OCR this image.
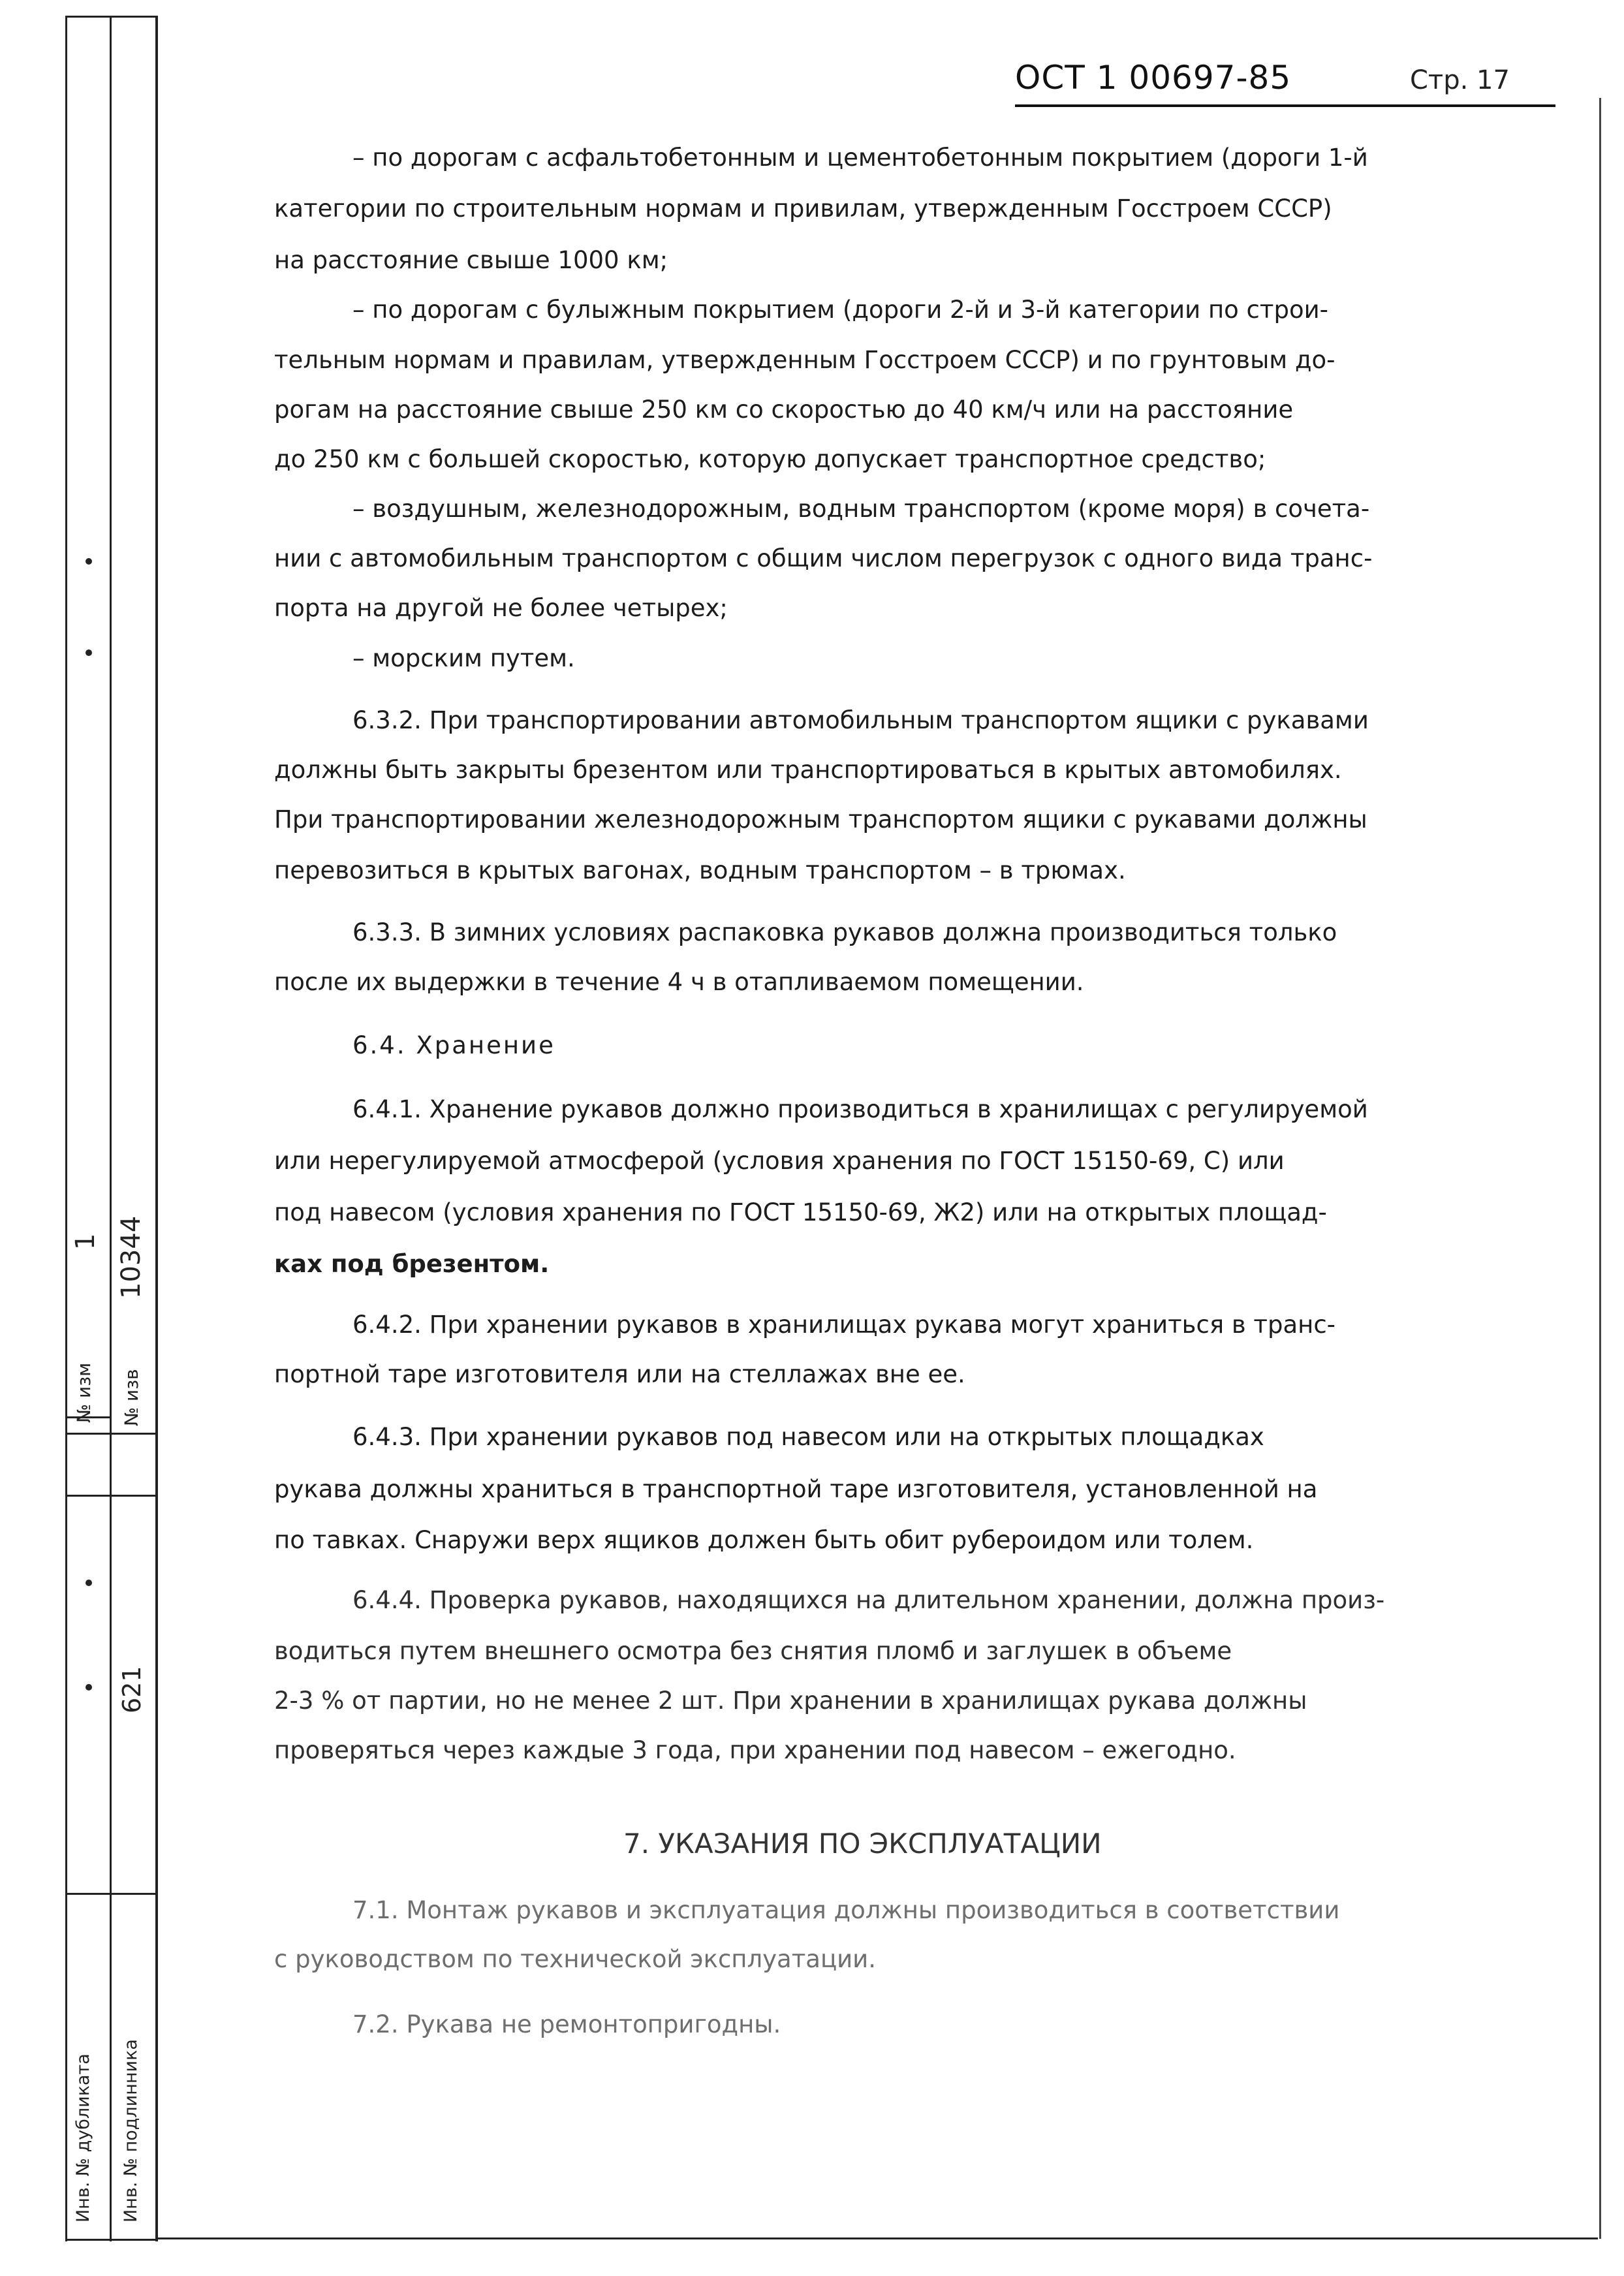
№ изм
1
№ изв
10344
621
Инв. № дубликата Инв. № подлинника
ОСТ 1 00697-85	Стр. 17
– по дорогам с асфальтобетонным и цементобетонным покрытием (дороги 1-й
категории по строительным нормам и привилам, утвержденным Госстроем СССР)
на расстояние свыше 1000 км;
– по дорогам с булыжным покрытием (дороги 2-й и 3-й категории по строи-
тельным нормам и правилам, утвержденным Госстроем СССР) и по грунтовым до-
рогам на расстояние свыше 250 км со скоростью до 40 км/ч или на расстояние
до 250 км с большей скоростью, которую допускает транспортное средство;
– воздушным, железнодорожным, водным транспортом (кроме моря) в сочета-
нии с автомобильным транспортом с общим числом перегрузок с одного вида транс-
порта на другой не более четырех;
– морским путем.
6.3.2. При транспортировании автомобильным транспортом ящики с рукавами
должны быть закрыты брезентом или транспортироваться в крытых автомобилях.
При транспортировании железнодорожным транспортом ящики с рукавами должны
перевозиться в крытых вагонах, водным транспортом – в трюмах.
6.3.3. В зимних условиях распаковка рукавов должна производиться только
после их выдержки в течение 4 ч в отапливаемом помещении.
6.4. Хранение
6.4.1. Хранение рукавов должно производиться в хранилищах с регулируемой
или нерегулируемой атмосферой (условия хранения по ГОСТ 15150-69, С) или
под навесом (условия хранения по ГОСТ 15150-69, Ж2) или на открытых площад-
ках под брезентом.
6.4.2. При хранении рукавов в хранилищах рукава могут храниться в транс-
портной таре изготовителя или на стеллажах вне ее.
6.4.3. При хранении рукавов под навесом или на открытых площадках
рукава должны храниться в транспортной таре изготовителя, установленной на
по тавках. Снаружи верх ящиков должен быть обит рубероидом или толем.
6.4.4. Проверка рукавов, находящихся на длительном хранении, должна произ-
водиться путем внешнего осмотра без снятия пломб и заглушек в объеме
2-3 % от партии, но не менее 2 шт. При хранении в хранилищах рукава должны
проверяться через каждые 3 года, при хранении под навесом – ежегодно.
7. УКАЗАНИЯ ПО ЭКСПЛУАТАЦИИ
7.1. Монтаж рукавов и эксплуатация должны производиться в соответствии
с руководством по технической эксплуатации.
7.2. Рукава не ремонтопригодны.
